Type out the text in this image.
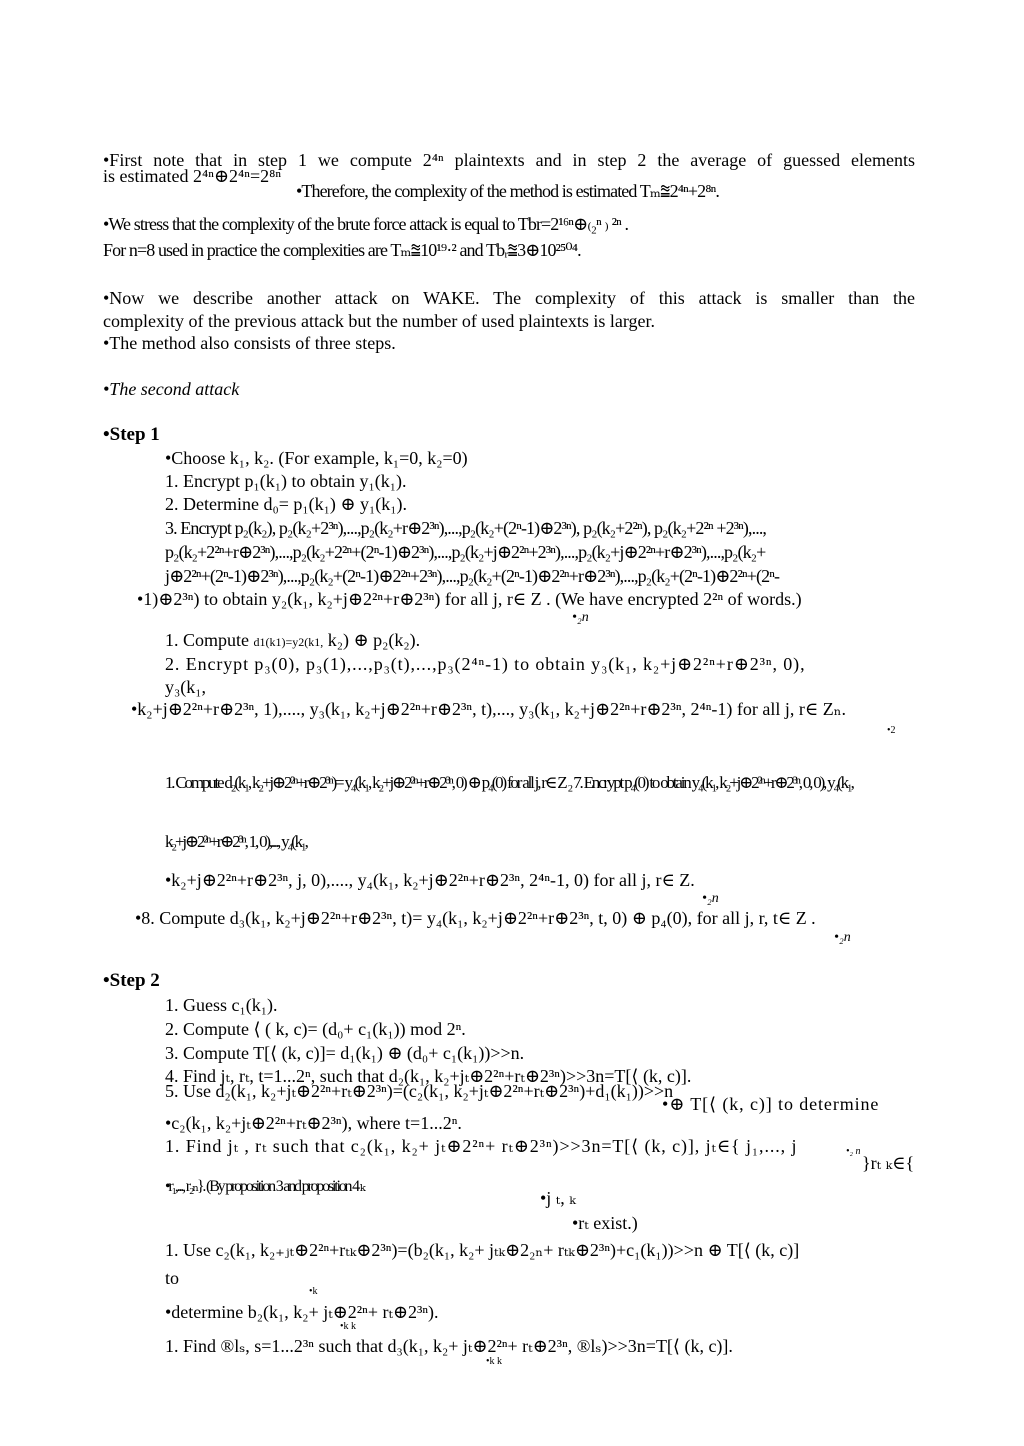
•First note that in step 1 we compute 2⁴ⁿ plaintexts and in step 2 the average of guessed elements
is estimated 2⁴ⁿ⊕2⁴ⁿ=2⁸ⁿ
•Therefore, the complexity of the method is estimated Tₘ⩰2⁴ⁿ+2⁸ⁿ.
•We stress that the complexity of the brute force attack is equal to Tbr=2¹⁶ⁿ⊕₍₂ⁿ ₎ ²ⁿ .
For n=8 used in practice the complexities are Tₘ⩰10¹⁹·² and Tbᵣ⩰3⊕10²⁵⁰⁴.
•Now we describe another attack on WAKE. The complexity of this attack is smaller than the
complexity of the previous attack but the number of used plaintexts is larger.
•The method also consists of three steps.
•The second attack
•Step 1
•Choose k₁, k₂. (For example, k₁=0, k₂=0)
1. Encrypt p₁(k₁) to obtain y₁(k₁).
2. Determine d₀= p₁(k₁) ⊕ y₁(k₁).
3. Encrypt p₂(k₂), p₂(k₂+2³ⁿ),...,p₂(k₂+r⊕2³ⁿ),...,p₂(k₂+(2ⁿ-1)⊕2³ⁿ), p₂(k₂+2²ⁿ), p₂(k₂+2²ⁿ +2³ⁿ),...,
p₂(k₂+2²ⁿ+r⊕2³ⁿ),...,p₂(k₂+2²ⁿ+(2ⁿ-1)⊕2³ⁿ),...,p₂(k₂+j⊕2²ⁿ+2³ⁿ),...,p₂(k₂+j⊕2²ⁿ+r⊕2³ⁿ),...,p₂(k₂+
j⊕2²ⁿ+(2ⁿ-1)⊕2³ⁿ),...,p₂(k₂+(2ⁿ-1)⊕2²ⁿ+2³ⁿ),...,p₂(k₂+(2ⁿ-1)⊕2²ⁿ+r⊕2³ⁿ),...,p₂(k₂+(2ⁿ-1)⊕2²ⁿ+(2ⁿ-
•1)⊕2³ⁿ) to obtain y₂(k₁, k₂+j⊕2²ⁿ+r⊕2³ⁿ) for all j, r∈ Z . (We have encrypted 2²ⁿ of words.)
•₂n
1. Compute d1(k1)=y2(k1, k₂) ⊕ p₂(k₂).
2. Encrypt p₃(0), p₃(1),...,p₃(t),...,p₃(2⁴ⁿ-1) to obtain y₃(k₁, k₂+j⊕2²ⁿ+r⊕2³ⁿ, 0),
y₃(k₁,
•k₂+j⊕2²ⁿ+r⊕2³ⁿ, 1),...., y₃(k₁, k₂+j⊕2²ⁿ+r⊕2³ⁿ, t),..., y₃(k₁, k₂+j⊕2²ⁿ+r⊕2³ⁿ, 2⁴ⁿ-1) for all j, r∈ Zₙ.
•2
1. Compute d₂(k₁, k₂+j⊕2²ⁿ+r⊕2³ⁿ)= y₄(k₁, k₂+j⊕2²ⁿ+r⊕2³ⁿ, 0) ⊕ p₄(0) for all j, r∈ Z ₂ 7. Encrypt p₄(0) to obtain y₄(k₁, k₂+j⊕2²ⁿ+r⊕2³ⁿ, 0, 0), y₄(k₁,
k₂+j⊕2²ⁿ+r⊕2³ⁿ, 1, 0),..., y₄(k₁,
•k₂+j⊕2²ⁿ+r⊕2³ⁿ, j, 0),...., y₄(k₁, k₂+j⊕2²ⁿ+r⊕2³ⁿ, 2⁴ⁿ-1, 0) for all j, r∈ Z.
•₂n
•8. Compute d₃(k₁, k₂+j⊕2²ⁿ+r⊕2³ⁿ, t)= y₄(k₁, k₂+j⊕2²ⁿ+r⊕2³ⁿ, t, 0) ⊕ p₄(0), for all j, r, t∈ Z .
•₂n
•Step 2
1. Guess c₁(k₁).
2. Compute ⟨ ( k, c)= (d₀+ c₁(k₁)) mod 2ⁿ.
3. Compute T[⟨ (k, c)]= d₁(k₁) ⊕ (d₀+ c₁(k₁))>>n.
4. Find jₜ, rₜ, t=1...2ⁿ, such that d₂(k₁, k₂+jₜ⊕2²ⁿ+rₜ⊕2³ⁿ)>>3n=T[⟨ (k, c)].
5. Use d₂(k₁, k₂+jₜ⊕2²ⁿ+rₜ⊕2³ⁿ)=(c₂(k₁, k₂+jₜ⊕2²ⁿ+rₜ⊕2³ⁿ)+d₁(k₁))>>n
•⊕ T[⟨ (k, c)] to determine
•c₂(k₁, k₂+jₜ⊕2²ⁿ+rₜ⊕2³ⁿ), where t=1...2ⁿ.
1. Find jₜ , rₜ such that c₂(k₁, k₂+ jₜ⊕2²ⁿ+ rₜ⊕2³ⁿ)>>3n=T[⟨ (k, c)], jₜ∈{ j₁,..., j
}rₜ ₖ∈{
•₂ n
•r₁,..., r₂ₙ}. (By proposition 3 and proposition 4 ₖ
•j ₜ, ₖ
•rₜ exist.)
1. Use c₂(k₁, k₂₊ⱼₜ⊕2²ⁿ+rₜₖ⊕2³ⁿ)=(b₂(k₁, k₂+ jₜₖ⊕2₂ₙ+ rₜₖ⊕2³ⁿ)+c₁(k₁))>>n ⊕ T[⟨ (k, c)]
to
•k
•determine b₂(k₁, k₂+ jₜ⊕2²ⁿ+ rₜ⊕2³ⁿ).
•k k
1. Find ®lₛ, s=1...2³ⁿ such that d₃(k₁, k₂+ jₜ⊕2²ⁿ+ rₜ⊕2³ⁿ, ®lₛ)>>3n=T[⟨ (k, c)].
•k k
